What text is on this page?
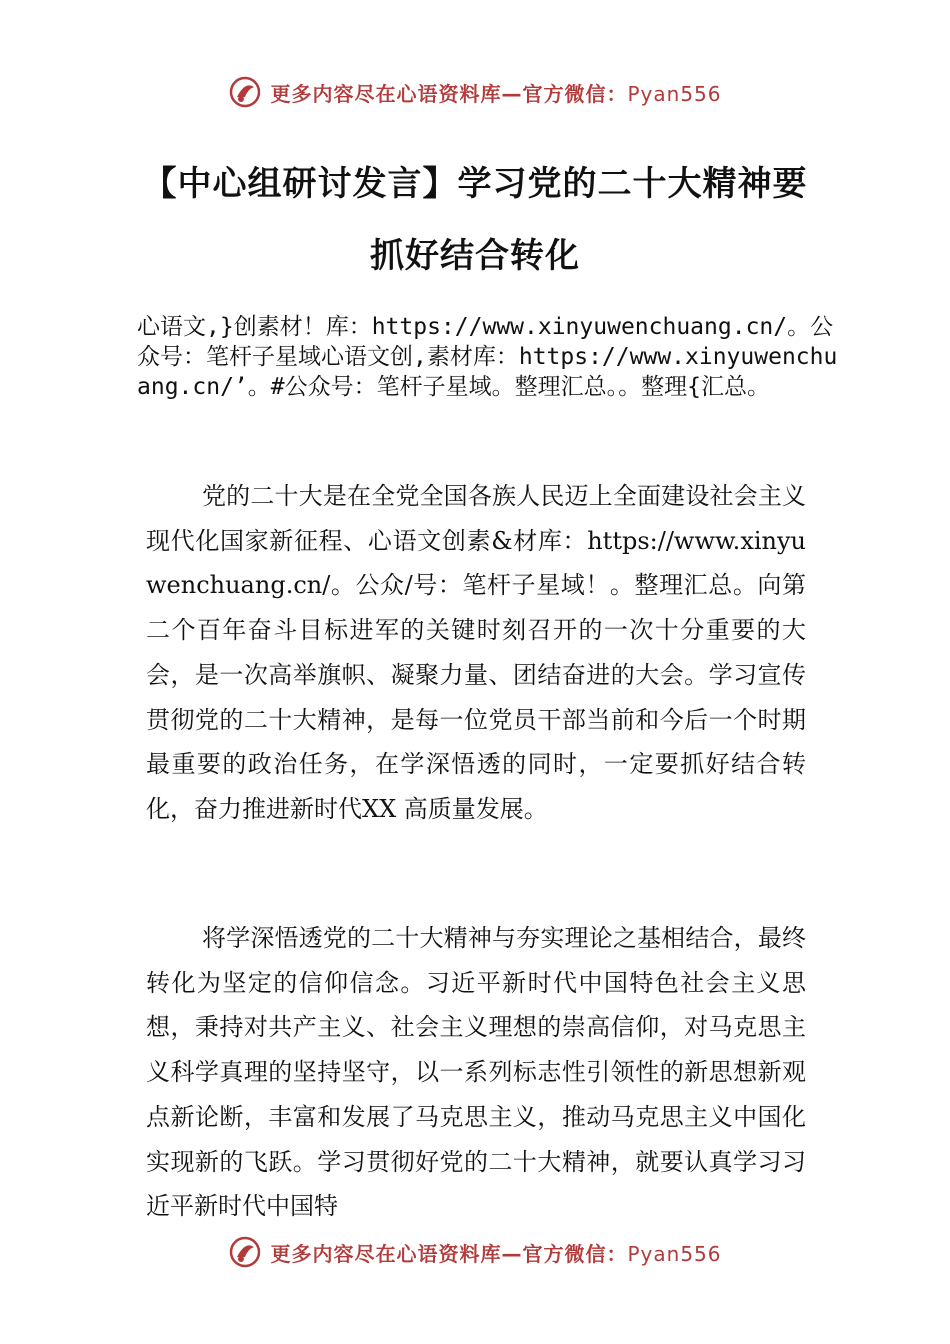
更多内容尽在心语资料库—官方微信：Pyan556
【中心组研讨发言】学习党的二十大精神要
抓好结合转化
心语文,}创素材！库：https://www.xinyuwenchuang.cn/。公众号：笔杆子星域心语文创,素材库：https://www.xinyuwenchuang.cn/’。#公众号：笔杆子星域。整理汇总。。整理{汇总。
党的二十大是在全党全国各族人民迈上全面建设社会主义现代化国家新征程、心语文创素&材库：https://www.xinyuwenchuang.cn/。公众/号：笔杆子星域！。整理汇总。向第二个百年奋斗目标进军的关键时刻召开的一次十分重要的大会，是一次高举旗帜、凝聚力量、团结奋进的大会。学习宣传贯彻党的二十大精神，是每一位党员干部当前和今后一个时期最重要的政治任务，在学深悟透的同时，一定要抓好结合转化，奋力推进新时代XX 高质量发展。
将学深悟透党的二十大精神与夯实理论之基相结合，最终转化为坚定的信仰信念。习近平新时代中国特色社会主义思想，秉持对共产主义、社会主义理想的崇高信仰，对马克思主义科学真理的坚持坚守，以一系列标志性引领性的新思想新观点新论断，丰富和发展了马克思主义，推动马克思主义中国化实现新的飞跃。学习贯彻好党的二十大精神，就要认真学习习近平新时代中国特
更多内容尽在心语资料库—官方微信：Pyan556
